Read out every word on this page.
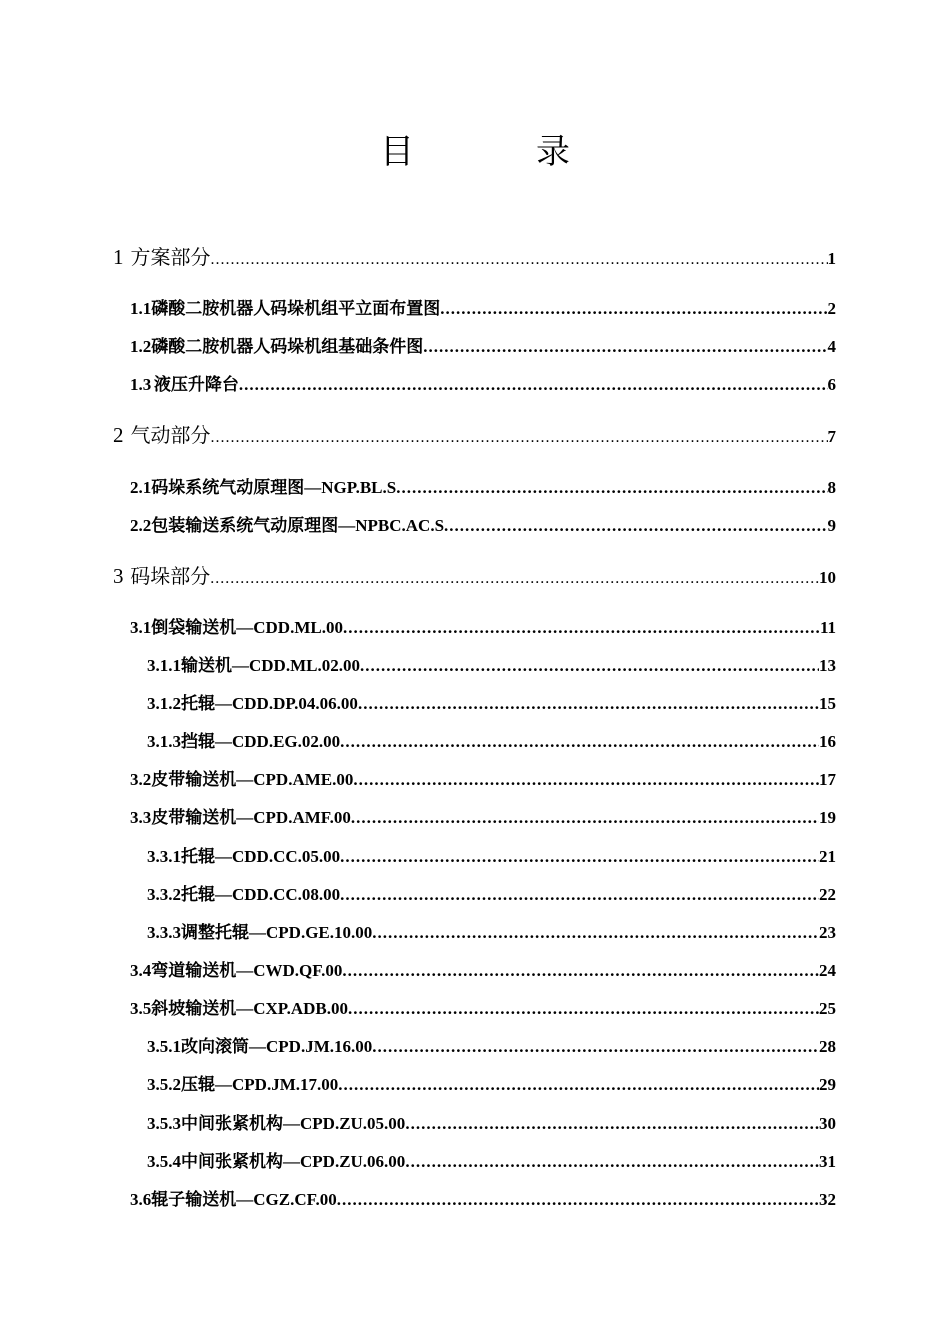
目　录
1 方案部分 .....	1
1.1 磷酸二胺机器人码垛机组平立面布置图 .....	2
1.2 磷酸二胺机器人码垛机组基础条件图 .....	4
1.3 液压升降台 .....	6
2 气动部分 .....	7
2.1 码垛系统气动原理图—NGP.BL.S .....	8
2.2 包装输送系统气动原理图—NPBC.AC.S .....	9
3 码垛部分 .....	10
3.1 倒袋输送机—CDD.ML.00 .....	11
3.1.1 输送机—CDD.ML.02.00 .....	13
3.1.2 托辊—CDD.DP.04.06.00 .....	15
3.1.3 挡辊—CDD.EG.02.00 .....	16
3.2 皮带输送机—CPD.AME.00 .....	17
3.3 皮带输送机—CPD.AMF.00 .....	19
3.3.1 托辊—CDD.CC.05.00 .....	21
3.3.2 托辊—CDD.CC.08.00 .....	22
3.3.3 调整托辊—CPD.GE.10.00 .....	23
3.4 弯道输送机—CWD.QF.00 .....	24
3.5 斜坡输送机—CXP.ADB.00 .....	25
3.5.1 改向滚筒—CPD.JM.16.00 .....	28
3.5.2 压辊—CPD.JM.17.00 .....	29
3.5.3 中间张紧机构—CPD.ZU.05.00 .....	30
3.5.4 中间张紧机构—CPD.ZU.06.00 .....	31
3.6 辊子输送机—CGZ.CF.00 .....	32
